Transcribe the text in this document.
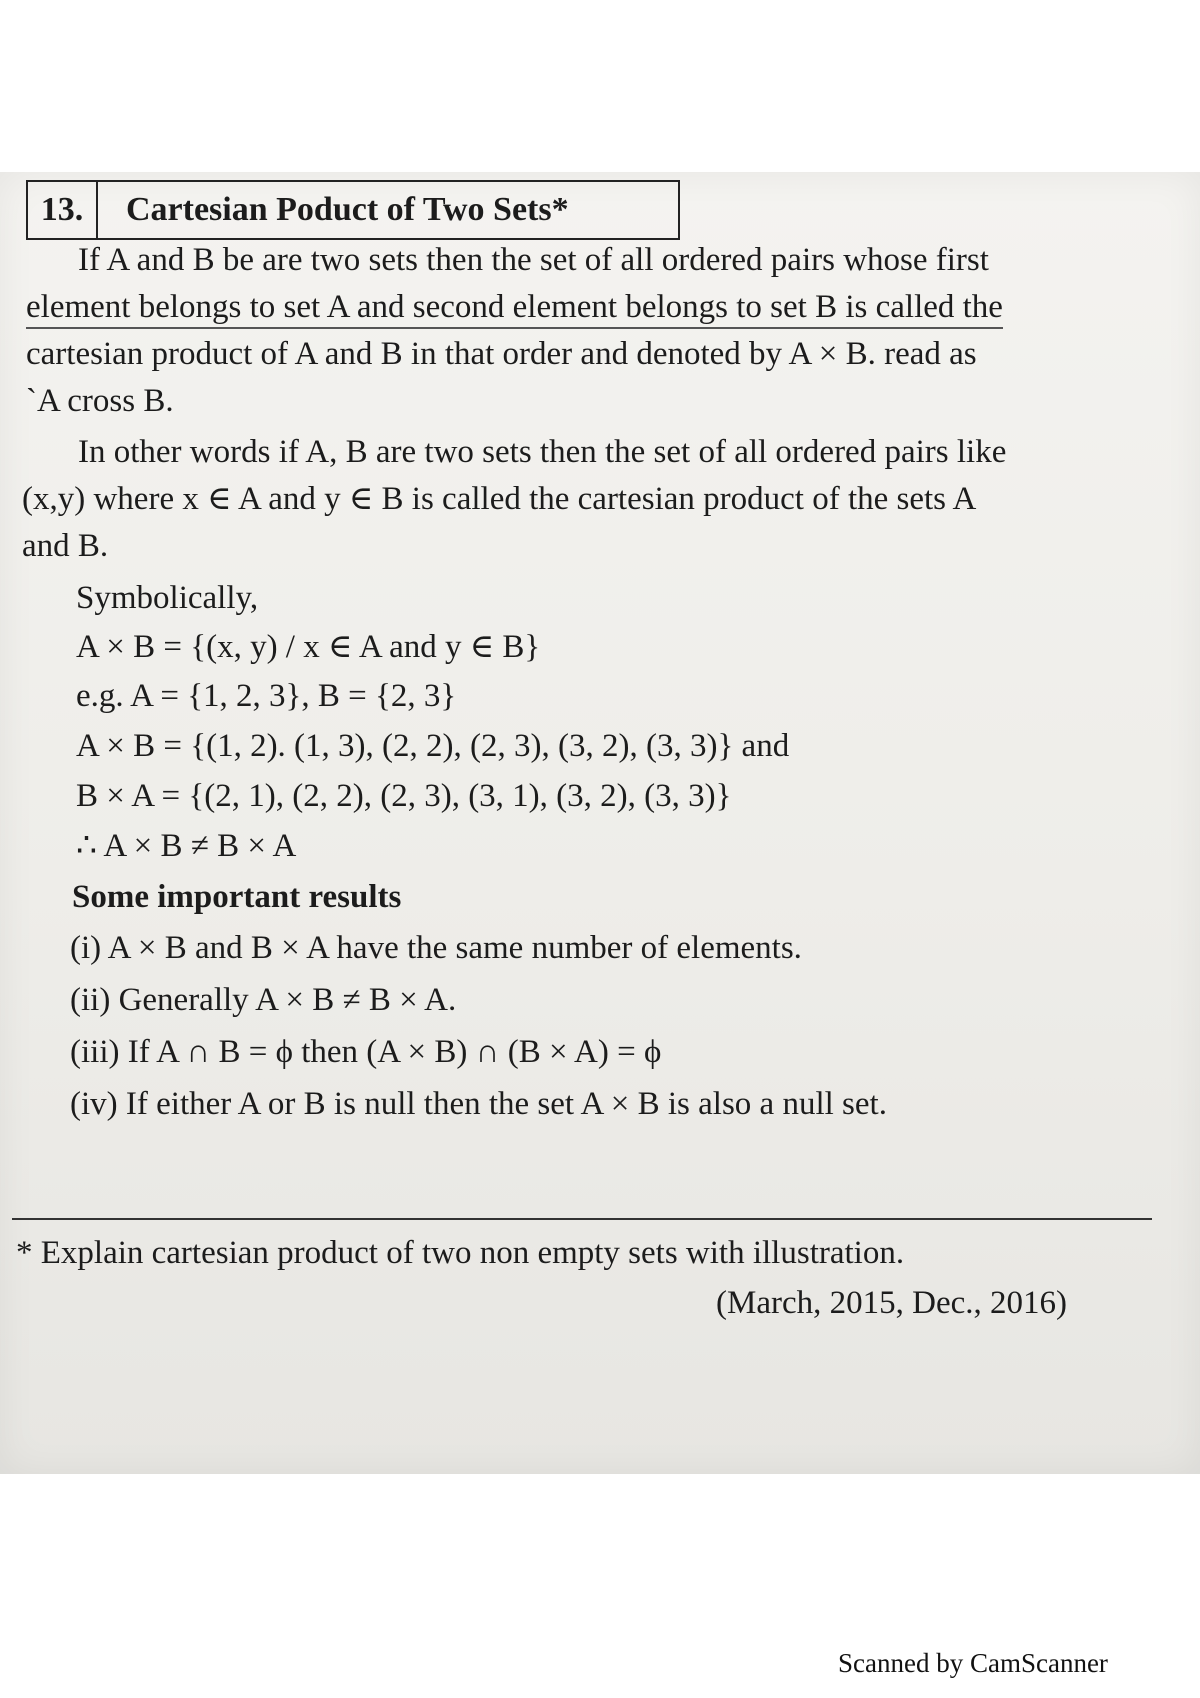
13.	Cartesian Poduct of Two Sets*
If A and B be are two sets then the set of all ordered pairs whose first
element belongs to set A and second element belongs to set B is called the
cartesian product of A and B in that order and denoted by A × B. read as
`A cross B.
In other words if A, B are two sets then the set of all ordered pairs like
(x,y) where x ∈ A and y ∈ B is called the cartesian product of the sets A
and B.
Symbolically,
A × B = {(x, y) / x ∈ A and y ∈ B}
e.g. A = {1, 2, 3}, B = {2, 3}
A × B = {(1, 2). (1, 3), (2, 2), (2, 3), (3, 2), (3, 3)} and
B × A = {(2, 1), (2, 2), (2, 3), (3, 1), (3, 2), (3, 3)}
∴ A × B ≠ B × A
Some important results
(i) A × B and B × A have the same number of elements.
(ii) Generally A × B ≠ B × A.
(iii) If A ∩ B = ϕ then (A × B) ∩ (B × A) = ϕ
(iv) If either A or B is null then the set A × B is also a null set.
* Explain cartesian product of two non empty sets with illustration.
(March, 2015, Dec., 2016)
Scanned by CamScanner
